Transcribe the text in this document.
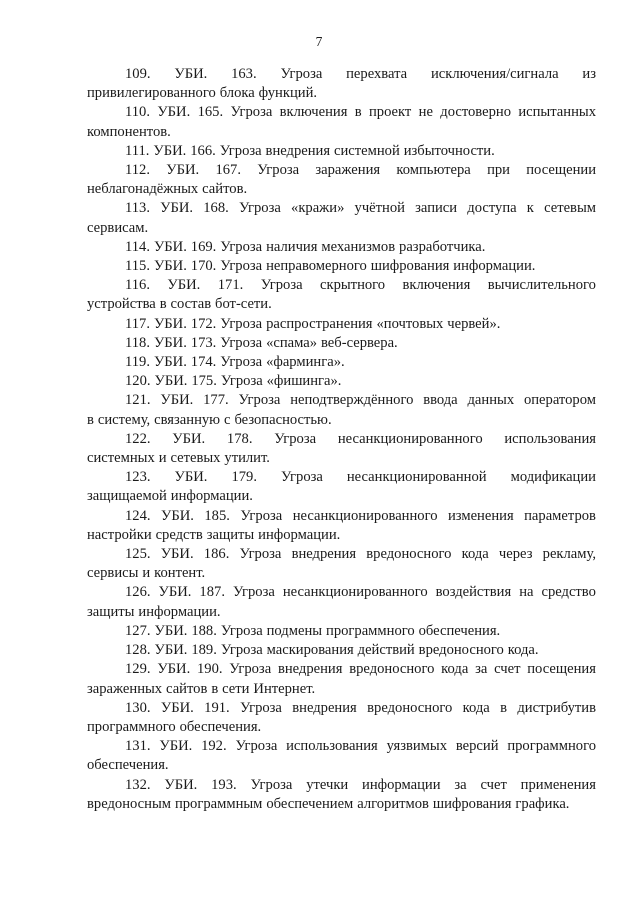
7
109. УБИ. 163. Угроза перехвата исключения/сигнала из
привилегированного блока функций.
110. УБИ. 165. Угроза включения в проект не достоверно испытанных
компонентов.
111. УБИ. 166. Угроза внедрения системной избыточности.
112. УБИ. 167. Угроза заражения компьютера при посещении
неблагонадёжных сайтов.
113. УБИ. 168. Угроза «кражи» учётной записи доступа к сетевым
сервисам.
114. УБИ. 169. Угроза наличия механизмов разработчика.
115. УБИ. 170. Угроза неправомерного шифрования информации.
116. УБИ. 171. Угроза скрытного включения вычислительного
устройства в состав бот-сети.
117. УБИ. 172. Угроза распространения «почтовых червей».
118. УБИ. 173. Угроза «спама» веб-сервера.
119. УБИ. 174. Угроза «фарминга».
120. УБИ. 175. Угроза «фишинга».
121. УБИ. 177. Угроза неподтверждённого ввода данных оператором
в систему, связанную с безопасностью.
122. УБИ. 178. Угроза несанкционированного использования
системных и сетевых утилит.
123. УБИ. 179. Угроза несанкционированной модификации
защищаемой информации.
124. УБИ. 185. Угроза несанкционированного изменения параметров
настройки средств защиты информации.
125. УБИ. 186. Угроза внедрения вредоносного кода через рекламу,
сервисы и контент.
126. УБИ. 187. Угроза несанкционированного воздействия на средство
защиты информации.
127. УБИ. 188. Угроза подмены программного обеспечения.
128. УБИ. 189. Угроза маскирования действий вредоносного кода.
129. УБИ. 190. Угроза внедрения вредоносного кода за счет посещения
зараженных сайтов в сети Интернет.
130. УБИ. 191. Угроза внедрения вредоносного кода в дистрибутив
программного обеспечения.
131. УБИ. 192. Угроза использования уязвимых версий программного
обеспечения.
132. УБИ. 193. Угроза утечки информации за счет применения
вредоносным программным обеспечением алгоритмов шифрования графика.
